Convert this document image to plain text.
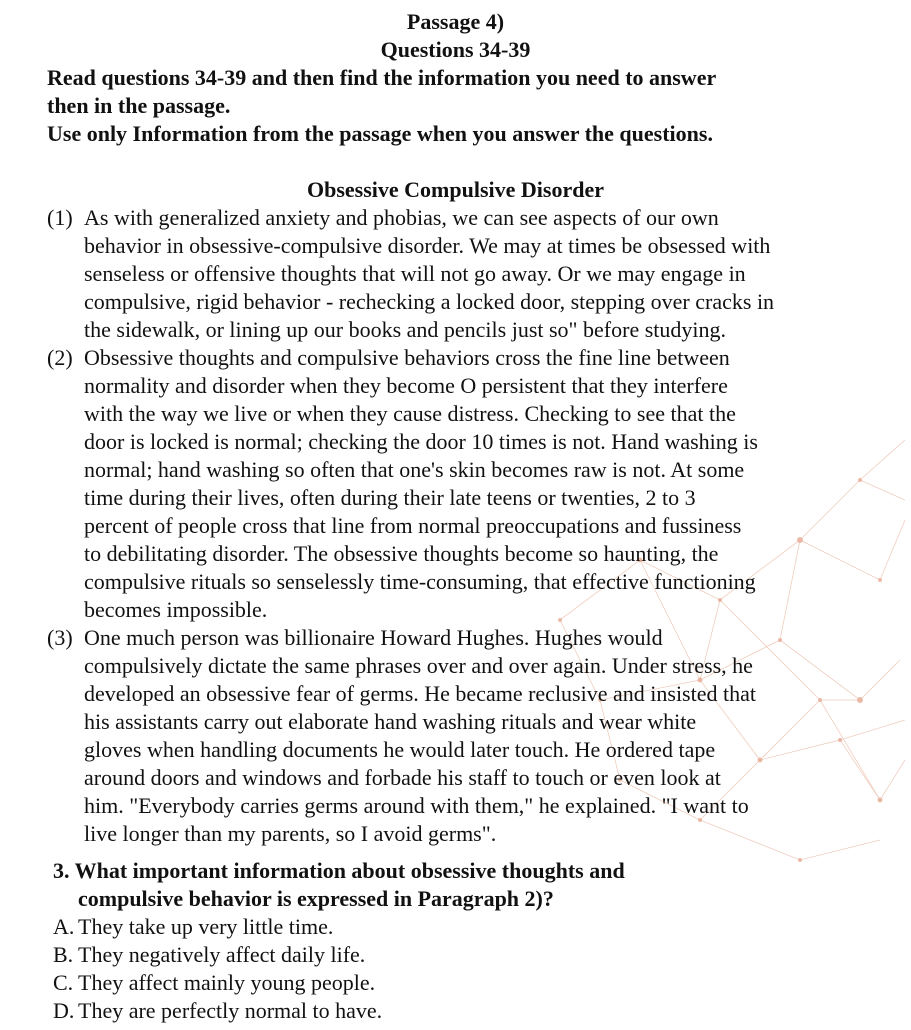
Passage 4)
Questions 34-39
Read questions 34-39 and then find the information you need to answer
then in the passage.
Use only Information from the passage when you answer the questions.
Obsessive Compulsive Disorder
(1) As with generalized anxiety and phobias, we can see aspects of our own
behavior in obsessive-compulsive disorder. We may at times be obsessed with
senseless or offensive thoughts that will not go away. Or we may engage in
compulsive, rigid behavior - rechecking a locked door, stepping over cracks in
the sidewalk, or lining up our books and pencils just so" before studying.
(2) Obsessive thoughts and compulsive behaviors cross the fine line between
normality and disorder when they become O persistent that they interfere
with the way we live or when they cause distress. Checking to see that the
door is locked is normal; checking the door 10 times is not. Hand washing is
normal; hand washing so often that one's skin becomes raw is not. At some
time during their lives, often during their late teens or twenties, 2 to 3
percent of people cross that line from normal preoccupations and fussiness
to debilitating disorder. The obsessive thoughts become so haunting, the
compulsive rituals so senselessly time-consuming, that effective functioning
becomes impossible.
(3) One much person was billionaire Howard Hughes. Hughes would
compulsively dictate the same phrases over and over again. Under stress, he
developed an obsessive fear of germs. He became reclusive and insisted that
his assistants carry out elaborate hand washing rituals and wear white
gloves when handling documents he would later touch. He ordered tape
around doors and windows and forbade his staff to touch or even look at
him. "Everybody carries germs around with them," he explained. "I want to
live longer than my parents, so I avoid germs".
3. What important information about obsessive thoughts and
compulsive behavior is expressed in Paragraph 2)?
A. They take up very little time.
B. They negatively affect daily life.
C. They affect mainly young people.
D. They are perfectly normal to have.
